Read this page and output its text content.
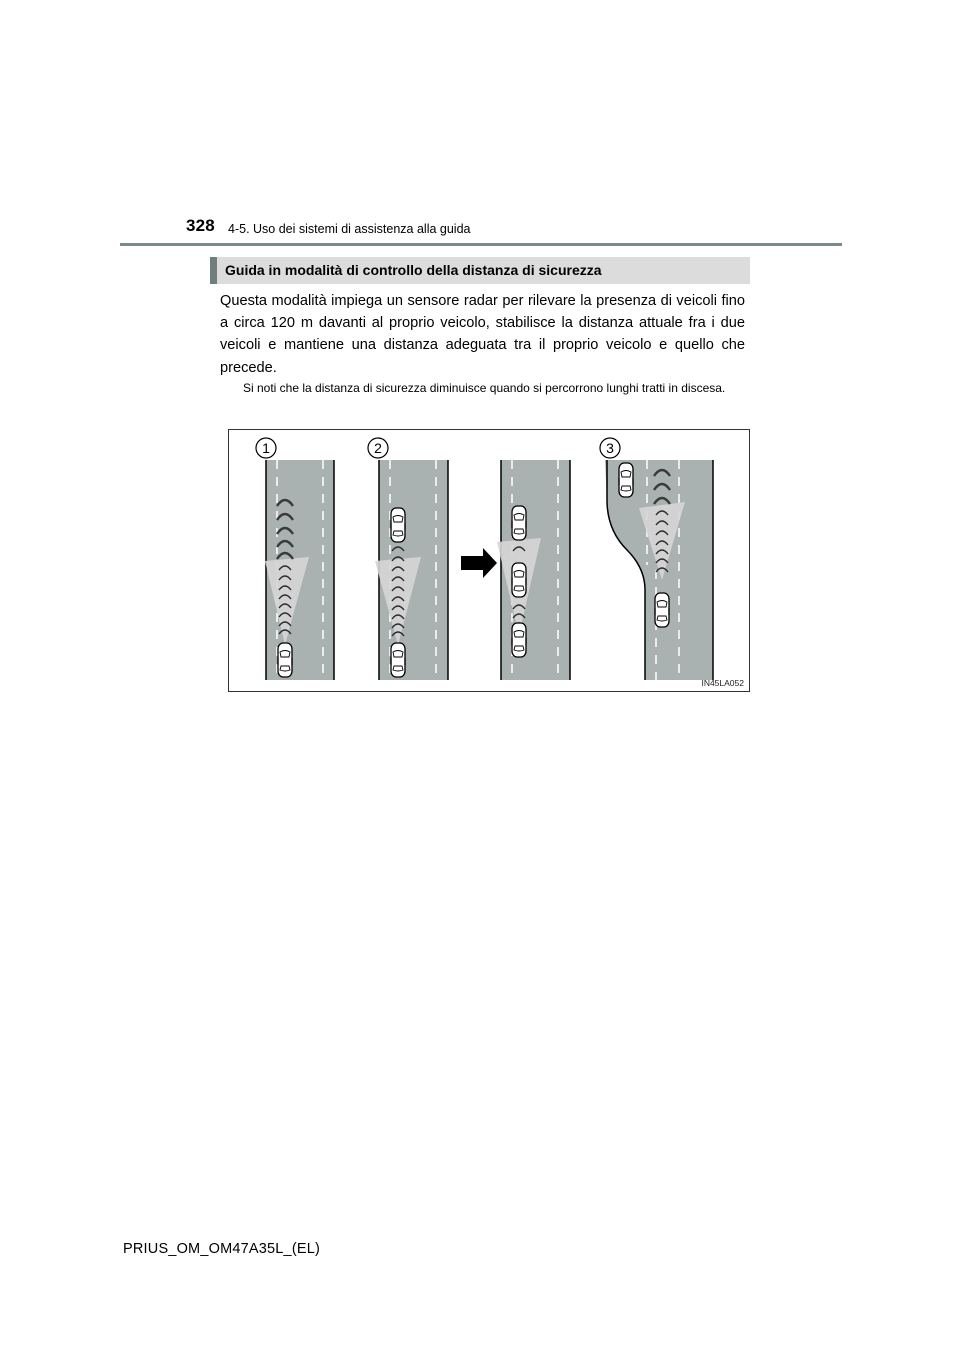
328 4-5. Uso dei sistemi di assistenza alla guida
Guida in modalità di controllo della distanza di sicurezza

Questa modalità impiega un sensore radar per rilevare la presenza di veicoli fino a circa 120 m davanti al proprio veicolo, stabilisce la distanza attuale fra i due veicoli e mantiene una distanza adeguata tra il proprio veicolo e quello che precede.

Si noti che la distanza di sicurezza diminuisce quando si percorrono lunghi tratti in discesa.

1	2	3
IN45LA052
PRIUS_OM_OM47A35L_(EL)
